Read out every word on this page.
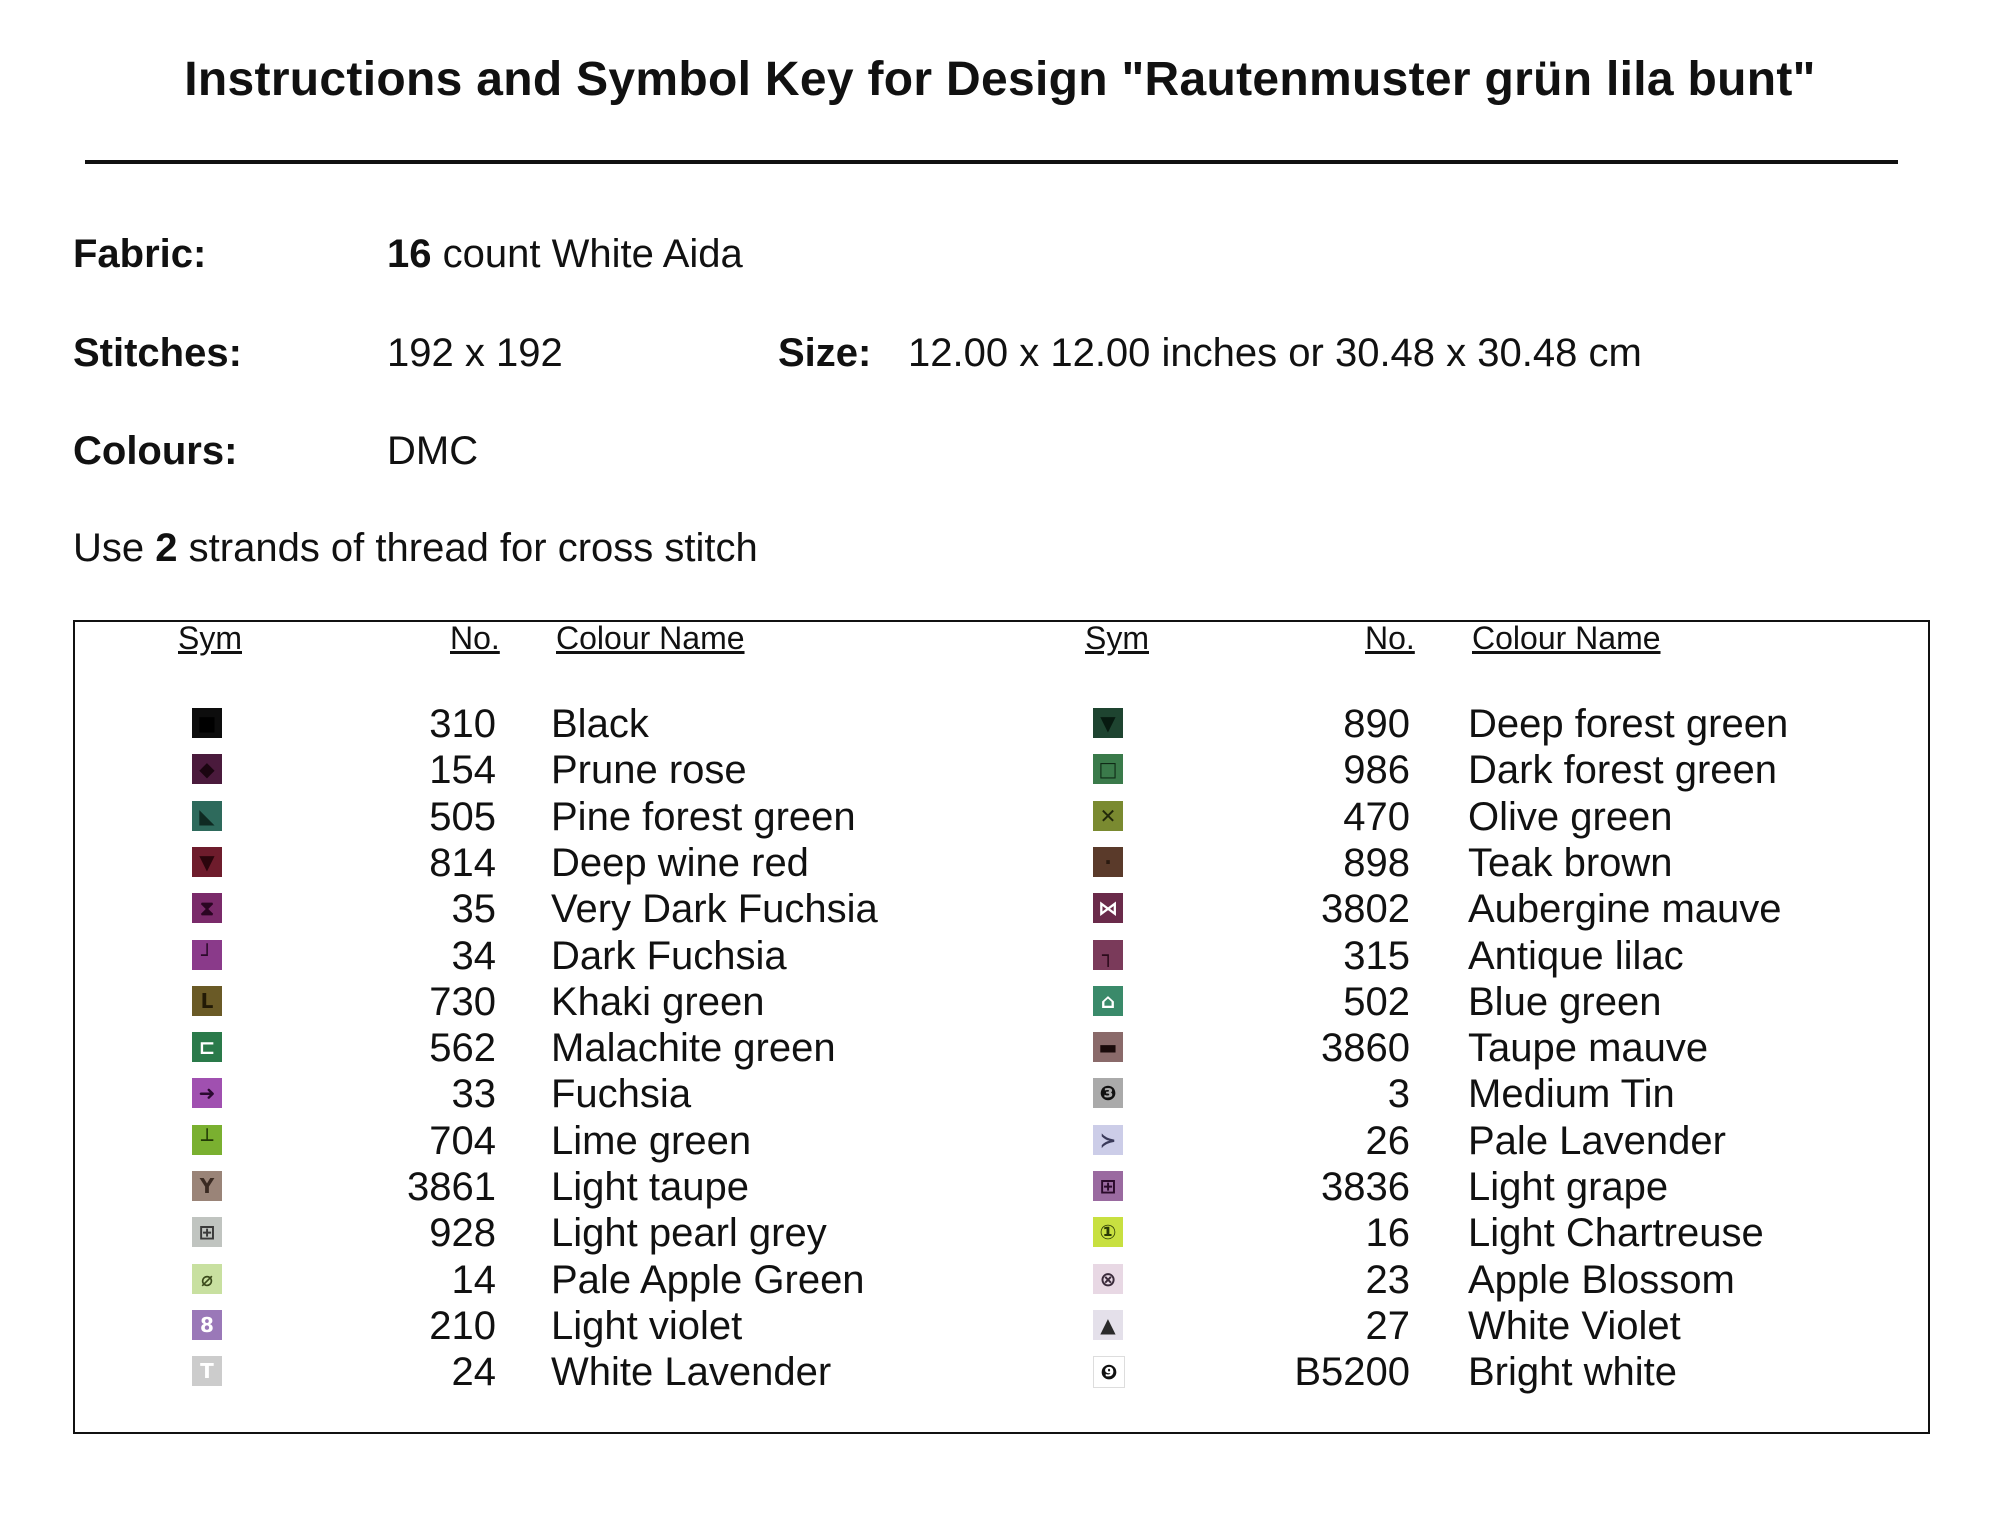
Instructions and Symbol Key for Design "Rautenmuster grün lila bunt"
Fabric:	16 count White Aida
Stitches:	192 x 192	Size: 12.00 x 12.00 inches or 30.48 x 30.48 cm
Colours:	DMC
Use 2 strands of thread for cross stitch
Sym	No. Colour Name	Sym	No. Colour Name
■	310 Black
◆	154 Prune rose
◣	505 Pine forest green
▼	814 Deep wine red
⧗	35 Very Dark Fuchsia
┘	34 Dark Fuchsia
L	730 Khaki green
⊏	562 Malachite green
➜	33 Fuchsia
┴	704 Lime green
Y	3861 Light taupe
⊞	928 Light pearl grey
⌀	14 Pale Apple Green
8	210 Light violet
T	24 White Lavender
▼	890 Deep forest green
□	986 Dark forest green
✕	470 Olive green
·	898 Teak brown
⋈	3802 Aubergine mauve
┐	315 Antique lilac
⌂	502 Blue green
▬	3860 Taupe mauve
❸	3 Medium Tin
≻	26 Pale Lavender
⊞	3836 Light grape
①	16 Light Chartreuse
⊗	23 Apple Blossom
▲	27 White Violet
❾	B5200 Bright white
